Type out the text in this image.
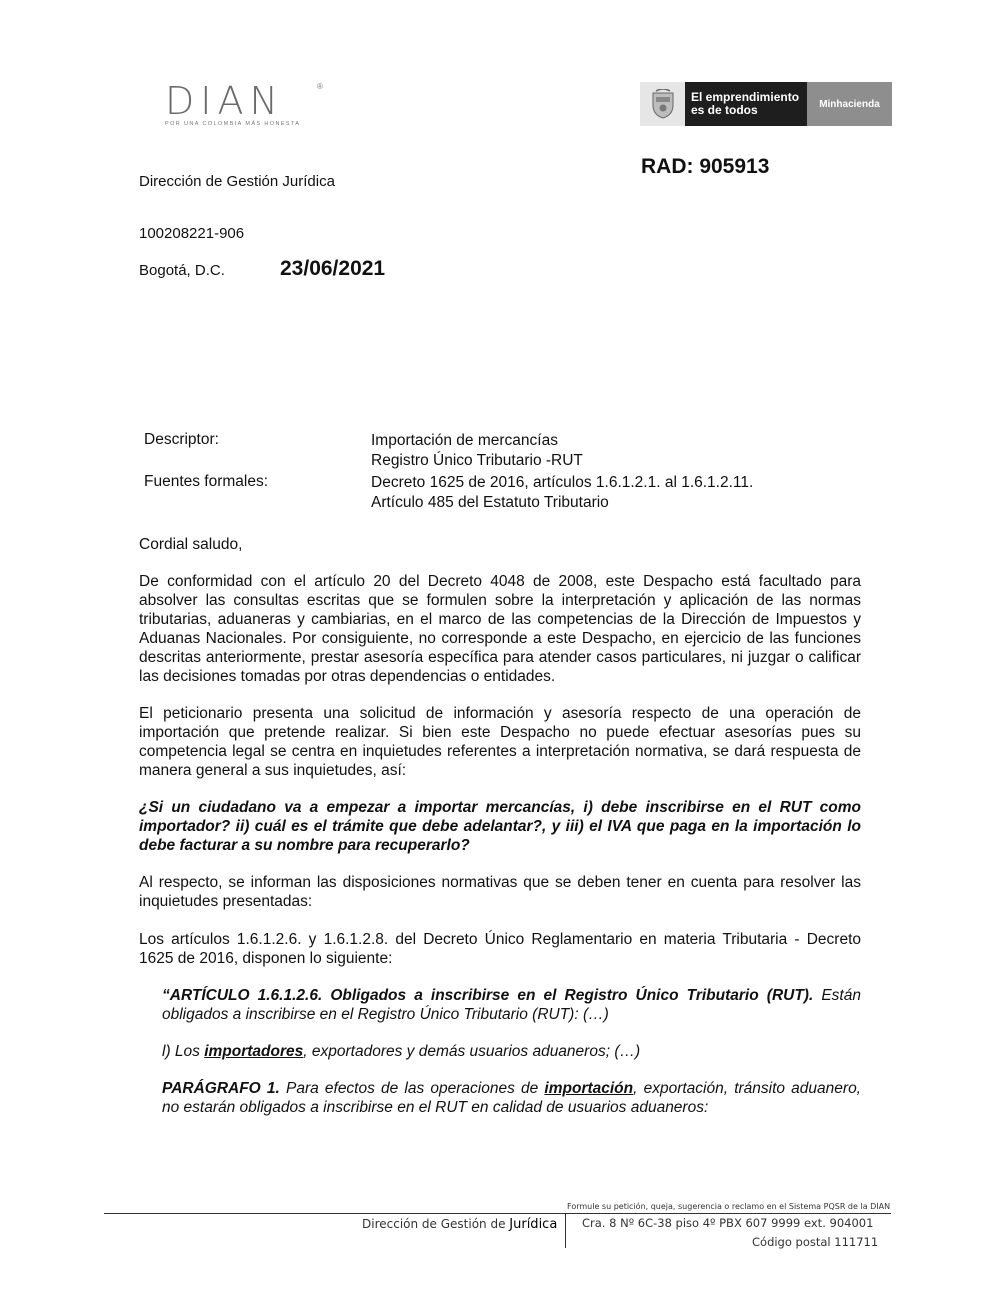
DIAN	®
POR UNA COLOMBIA MÁS HONESTA
El emprendimiento
es de todos	Minhacienda
Dirección de Gestión Jurídica
RAD: 905913
100208221-906
Bogotá, D.C.	23/06/2021
Descriptor:	Importación de mercancías
Registro Único Tributario -RUT
Fuentes formales:	Decreto 1625 de 2016, artículos 1.6.1.2.1. al 1.6.1.2.11.
Artículo 485 del Estatuto Tributario
Cordial saludo,
De conformidad con el artículo 20 del Decreto 4048 de 2008, este Despacho está facultado para absolver las consultas escritas que se formulen sobre la interpretación y aplicación de las normas tributarias, aduaneras y cambiarias, en el marco de las competencias de la Dirección de Impuestos y Aduanas Nacionales. Por consiguiente, no corresponde a este Despacho, en ejercicio de las funciones descritas anteriormente, prestar asesoría específica para atender casos particulares, ni juzgar o calificar las decisiones tomadas por otras dependencias o entidades.
El peticionario presenta una solicitud de información y asesoría respecto de una operación de importación que pretende realizar. Si bien este Despacho no puede efectuar asesorías pues su competencia legal se centra en inquietudes referentes a interpretación normativa, se dará respuesta de manera general a sus inquietudes, así:
¿Si un ciudadano va a empezar a importar mercancías, i) debe inscribirse en el RUT como importador? ii) cuál es el trámite que debe adelantar?, y iii) el IVA que paga en la importación lo debe facturar a su nombre para recuperarlo?
Al respecto, se informan las disposiciones normativas que se deben tener en cuenta para resolver las inquietudes presentadas:
Los artículos 1.6.1.2.6. y 1.6.1.2.8. del Decreto Único Reglamentario en materia Tributaria - Decreto 1625 de 2016, disponen lo siguiente:
“ARTÍCULO 1.6.1.2.6. Obligados a inscribirse en el Registro Único Tributario (RUT). Están obligados a inscribirse en el Registro Único Tributario (RUT): (…)
l) Los importadores, exportadores y demás usuarios aduaneros; (…)
PARÁGRAFO 1. Para efectos de las operaciones de importación, exportación, tránsito aduanero, no estarán obligados a inscribirse en el RUT en calidad de usuarios aduaneros:
Formule su petición, queja, sugerencia o reclamo en el Sistema PQSR de la DIAN
Dirección de Gestión de Jurídica Cra. 8 Nº 6C-38 piso 4º PBX 607 9999 ext. 904001
Código postal 111711
